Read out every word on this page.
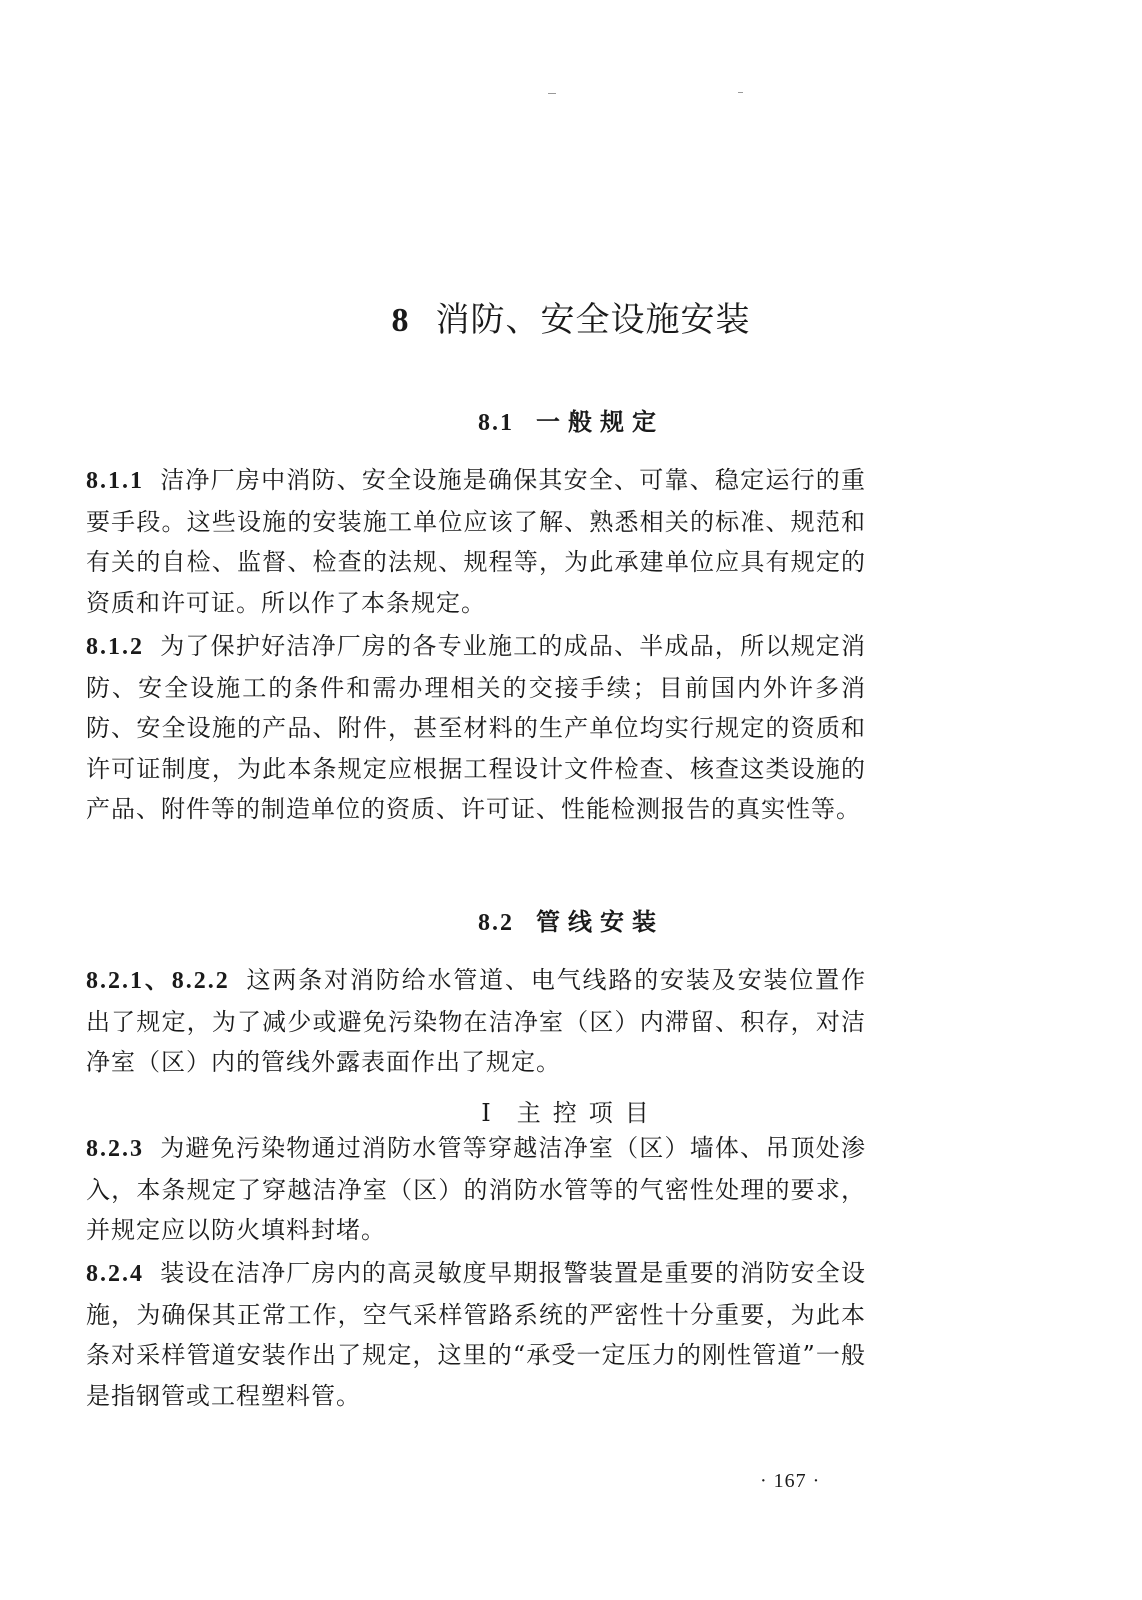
8 消防、安全设施安装
8.1 一般规定

8.1.1 洁净厂房中消防、安全设施是确保其安全、可靠、稳定运行的重要手段。这些设施的安装施工单位应该了解、熟悉相关的标准、规范和有关的自检、监督、检查的法规、规程等，为此承建单位应具有规定的资质和许可证。所以作了本条规定。

8.1.2 为了保护好洁净厂房的各专业施工的成品、半成品，所以规定消防、安全设施工的条件和需办理相关的交接手续；目前国内外许多消防、安全设施的产品、附件，甚至材料的生产单位均实行规定的资质和许可证制度，为此本条规定应根据工程设计文件检查、核查这类设施的产品、附件等的制造单位的资质、许可证、性能检测报告的真实性等。

8.2 管线安装

8.2.1、8.2.2 这两条对消防给水管道、电气线路的安装及安装位置作出了规定，为了减少或避免污染物在洁净室（区）内滞留、积存，对洁净室（区）内的管线外露表面作出了规定。

Ⅰ 主控项目

8.2.3 为避免污染物通过消防水管等穿越洁净室（区）墙体、吊顶处渗入，本条规定了穿越洁净室（区）的消防水管等的气密性处理的要求，并规定应以防火填料封堵。

8.2.4 装设在洁净厂房内的高灵敏度早期报警装置是重要的消防安全设施，为确保其正常工作，空气采样管路系统的严密性十分重要，为此本条对采样管道安装作出了规定，这里的“承受一定压力的刚性管道”一般是指钢管或工程塑料管。

· 167 ·
